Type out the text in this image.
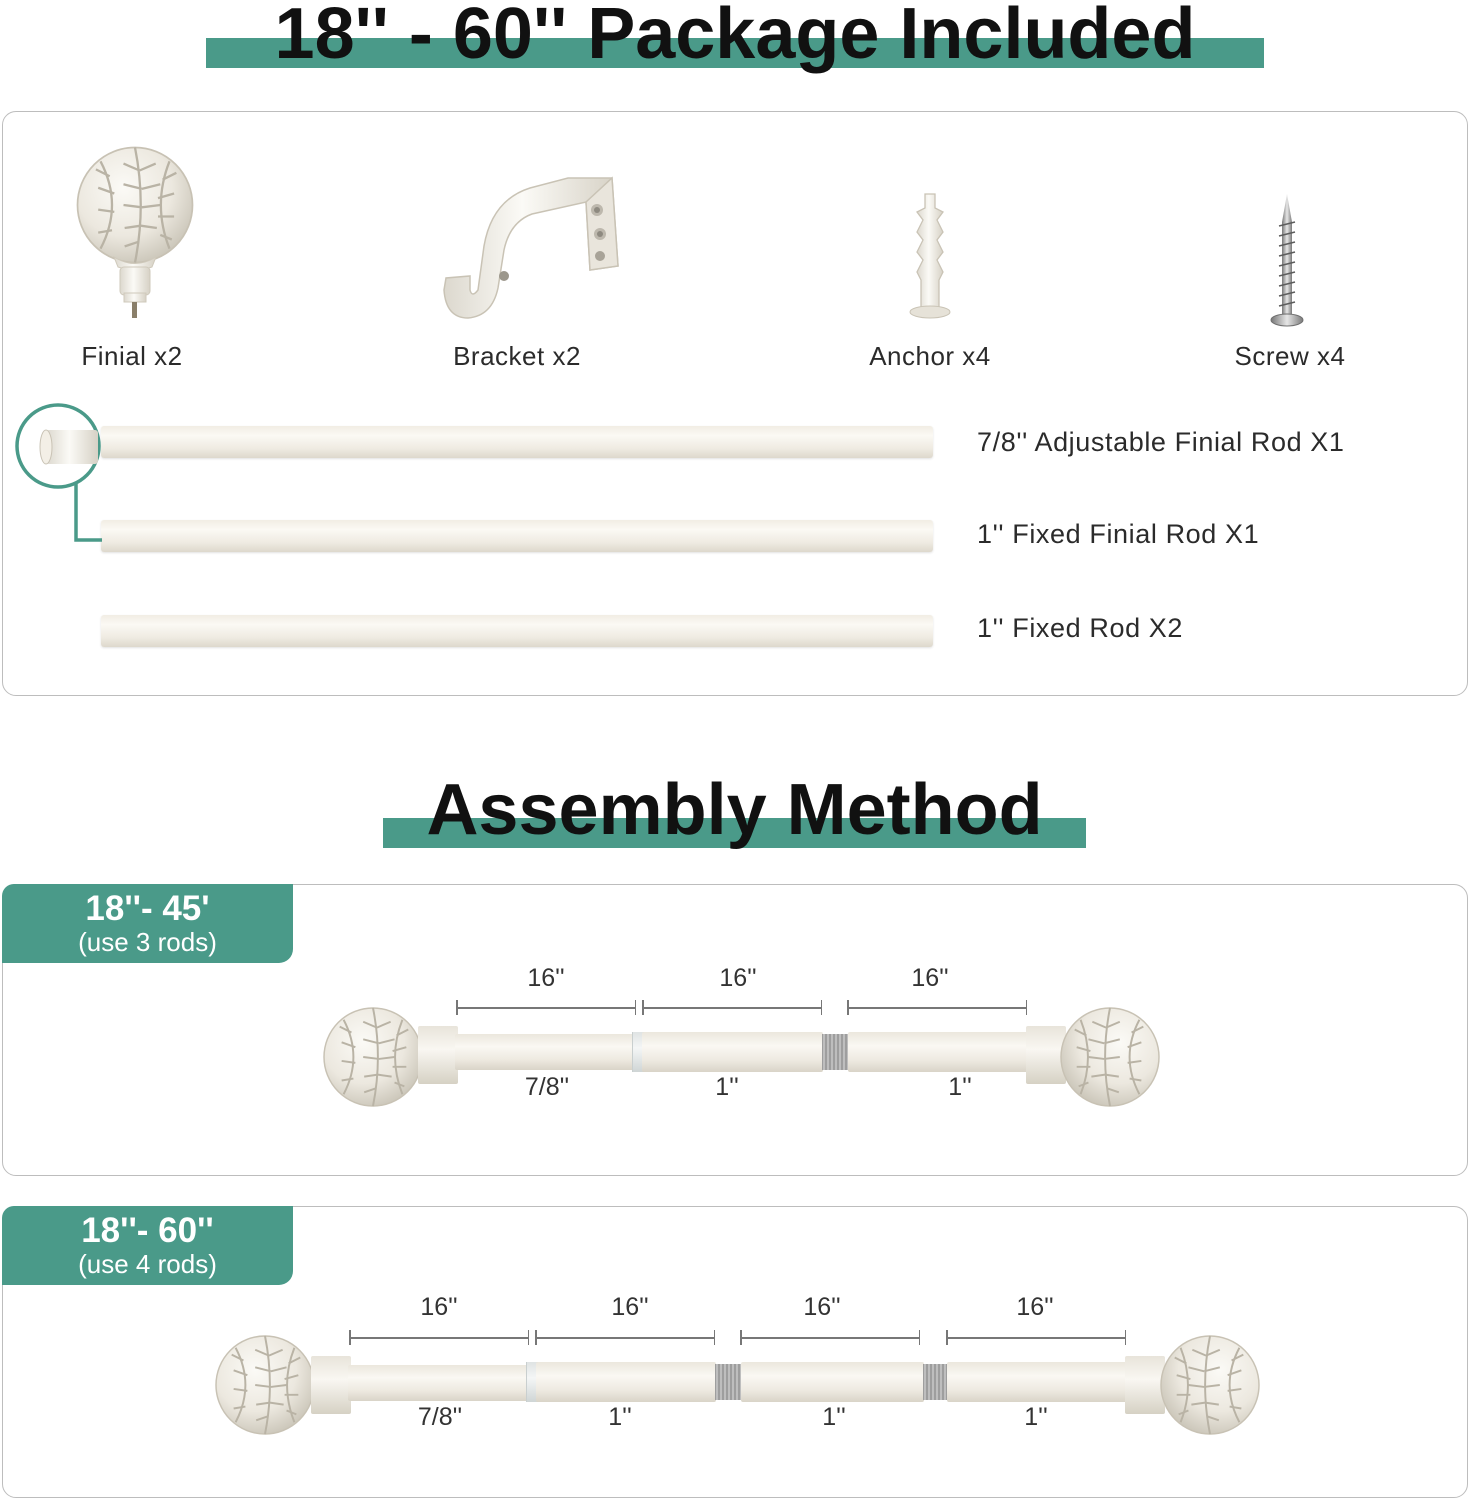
18'' - 60'' Package Included
Finial x2	Bracket x2	Anchor x4	Screw x4
7/8'' Adjustable Finial Rod X1
1'' Fixed Finial Rod X1
1'' Fixed Rod X2
Assembly Method
18''- 45'
(use 3 rods)
16''	16''	16''
7/8''	1''	1''
18''- 60''
(use 4 rods)
16''	16''	16''	16''
7/8''	1''	1''	1''
